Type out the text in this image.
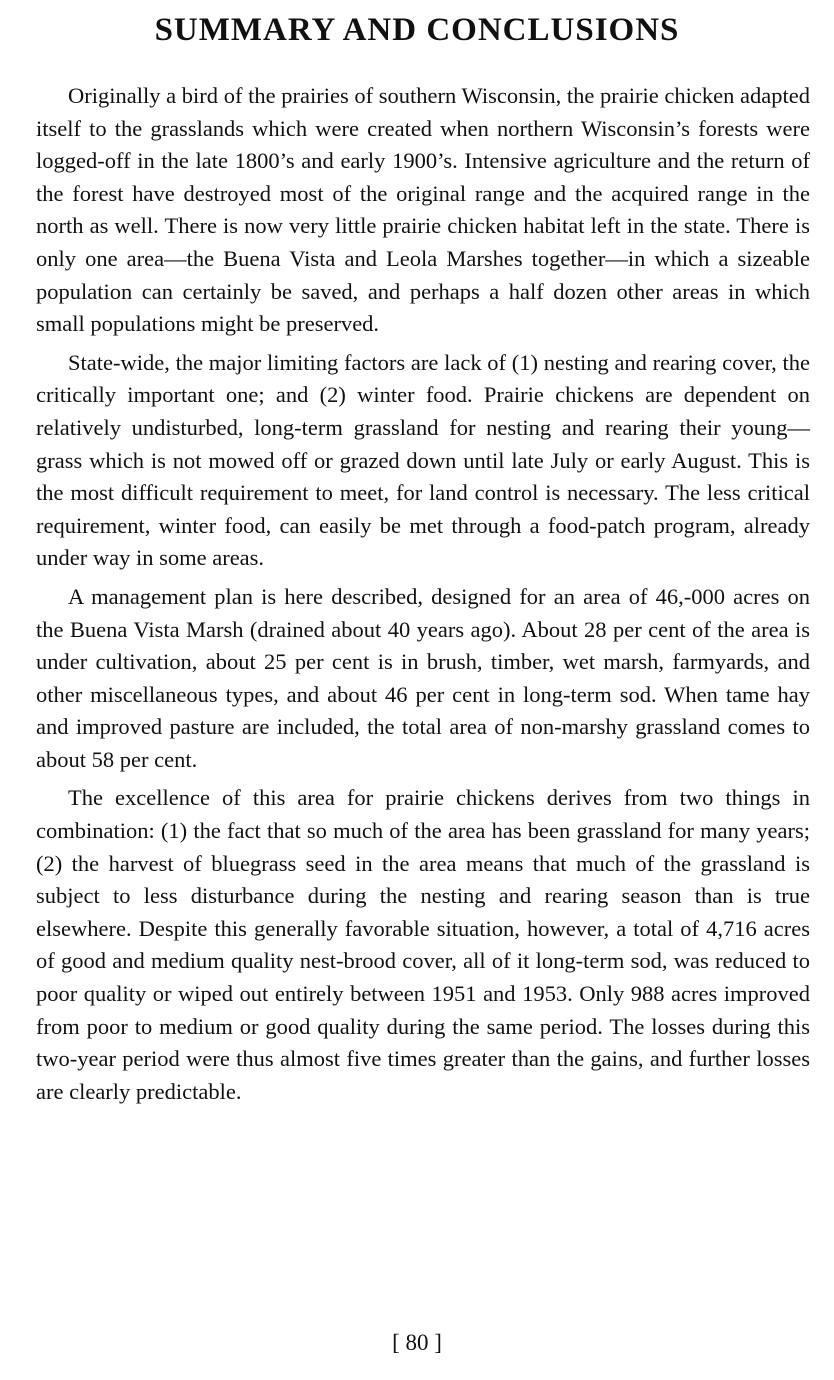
SUMMARY AND CONCLUSIONS

Originally a bird of the prairies of southern Wisconsin, the prairie chicken adapted itself to the grasslands which were created when northern Wisconsin’s forests were logged-off in the late 1800’s and early 1900’s. Intensive agriculture and the return of the forest have destroyed most of the original range and the acquired range in the north as well. There is now very little prairie chicken habitat left in the state. There is only one area—the Buena Vista and Leola Marshes together—in which a sizeable population can certainly be saved, and perhaps a half dozen other areas in which small populations might be preserved.

State-wide, the major limiting factors are lack of (1) nesting and rearing cover, the critically important one; and (2) winter food. Prairie chickens are dependent on relatively undisturbed, long-term grassland for nesting and rearing their young—grass which is not mowed off or grazed down until late July or early August. This is the most difficult requirement to meet, for land control is necessary. The less critical requirement, winter food, can easily be met through a food-patch program, already under way in some areas.

A management plan is here described, designed for an area of 46,-000 acres on the Buena Vista Marsh (drained about 40 years ago). About 28 per cent of the area is under cultivation, about 25 per cent is in brush, timber, wet marsh, farmyards, and other miscellaneous types, and about 46 per cent in long-term sod. When tame hay and improved pasture are included, the total area of non-marshy grassland comes to about 58 per cent.

The excellence of this area for prairie chickens derives from two things in combination: (1) the fact that so much of the area has been grassland for many years; (2) the harvest of bluegrass seed in the area means that much of the grassland is subject to less disturbance during the nesting and rearing season than is true elsewhere. Despite this generally favorable situation, however, a total of 4,716 acres of good and medium quality nest-brood cover, all of it long-term sod, was reduced to poor quality or wiped out entirely between 1951 and 1953. Only 988 acres improved from poor to medium or good quality during the same period. The losses during this two-year period were thus almost five times greater than the gains, and further losses are clearly predictable.

[ 80 ]
